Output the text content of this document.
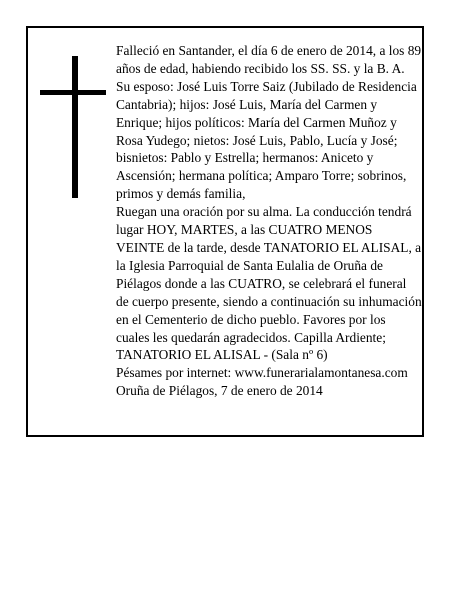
Falleció en Santander, el día 6 de enero de 2014, a los 89 años de edad, habiendo recibido los SS. SS. y la B. A.

Su esposo: José Luis Torre Saiz (Jubilado de Residencia Cantabria); hijos: José Luis, María del Carmen y Enrique; hijos políticos: María del Carmen Muñoz y Rosa Yudego; nietos: José Luis, Pablo, Lucía y José; bisnietos: Pablo y Estrella; hermanos: Aniceto y Ascensión; hermana política; Amparo Torre; sobrinos, primos y demás familia,

Ruegan una oración por su alma. La conducción tendrá lugar HOY, MARTES, a las CUATRO MENOS VEINTE de la tarde, desde TANATORIO EL ALISAL, a la Iglesia Parroquial de Santa Eulalia de Oruña de Piélagos donde a las CUATRO, se celebrará el funeral de cuerpo presente, siendo a continuación su inhumación en el Cementerio de dicho pueblo. Favores por los cuales les quedarán agradecidos. Capilla Ardiente; TANATORIO EL ALISAL - (Sala nº 6)

Pésames por internet: www.funerarialamontanesa.com

Oruña de Piélagos, 7 de enero de 2014
